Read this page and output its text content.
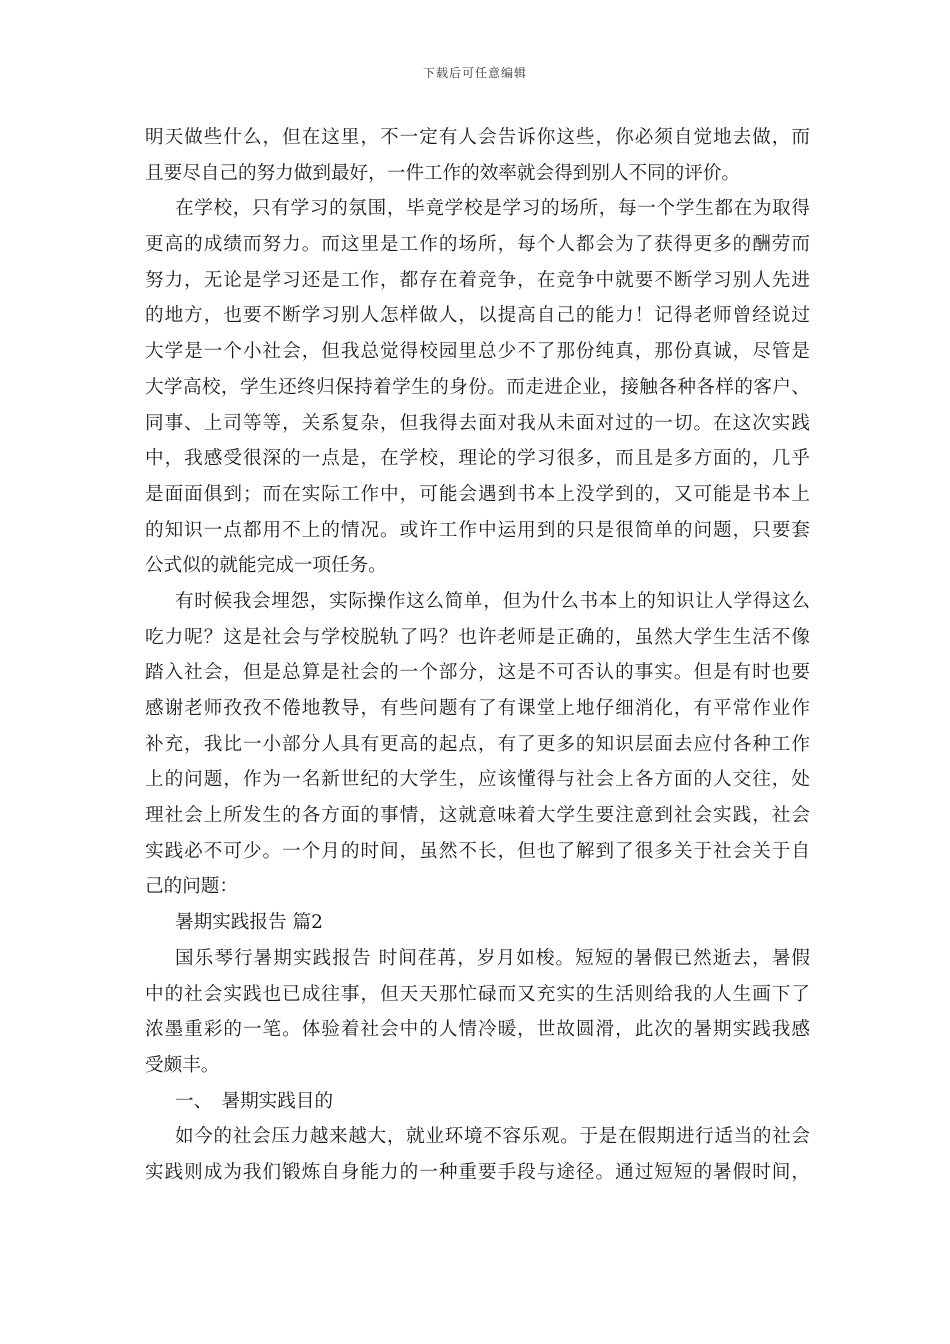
下载后可任意编辑
明天做些什么，但在这里，不一定有人会告诉你这些，你必须自觉地去做，而
且要尽自己的努力做到最好，一件工作的效率就会得到别人不同的评价。
在学校，只有学习的氛围，毕竟学校是学习的场所，每一个学生都在为取得
更高的成绩而努力。而这里是工作的场所，每个人都会为了获得更多的酬劳而
努力，无论是学习还是工作，都存在着竞争，在竞争中就要不断学习别人先进
的地方，也要不断学习别人怎样做人，以提高自己的能力！记得老师曾经说过
大学是一个小社会，但我总觉得校园里总少不了那份纯真，那份真诚，尽管是
大学高校，学生还终归保持着学生的身份。而走进企业，接触各种各样的客户、
同事、上司等等，关系复杂，但我得去面对我从未面对过的一切。在这次实践
中，我感受很深的一点是，在学校，理论的学习很多，而且是多方面的，几乎
是面面俱到；而在实际工作中，可能会遇到书本上没学到的，又可能是书本上
的知识一点都用不上的情况。或许工作中运用到的只是很简单的问题，只要套
公式似的就能完成一项任务。
有时候我会埋怨，实际操作这么简单，但为什么书本上的知识让人学得这么
吃力呢？这是社会与学校脱轨了吗？也许老师是正确的，虽然大学生生活不像
踏入社会，但是总算是社会的一个部分，这是不可否认的事实。但是有时也要
感谢老师孜孜不倦地教导，有些问题有了有课堂上地仔细消化，有平常作业作
补充，我比一小部分人具有更高的起点，有了更多的知识层面去应付各种工作
上的问题，作为一名新世纪的大学生，应该懂得与社会上各方面的人交往，处
理社会上所发生的各方面的事情，这就意味着大学生要注意到社会实践，社会
实践必不可少。一个月的时间，虽然不长，但也了解到了很多关于社会关于自
己的问题：
暑期实践报告 篇2
国乐琴行暑期实践报告 时间荏苒，岁月如梭。短短的暑假已然逝去，暑假
中的社会实践也已成往事，但天天那忙碌而又充实的生活则给我的人生画下了
浓墨重彩的一笔。体验着社会中的人情冷暖，世故圆滑，此次的暑期实践我感
受颇丰。
一、　暑期实践目的
如今的社会压力越来越大，就业环境不容乐观。于是在假期进行适当的社会
实践则成为我们锻炼自身能力的一种重要手段与途径。通过短短的暑假时间，
